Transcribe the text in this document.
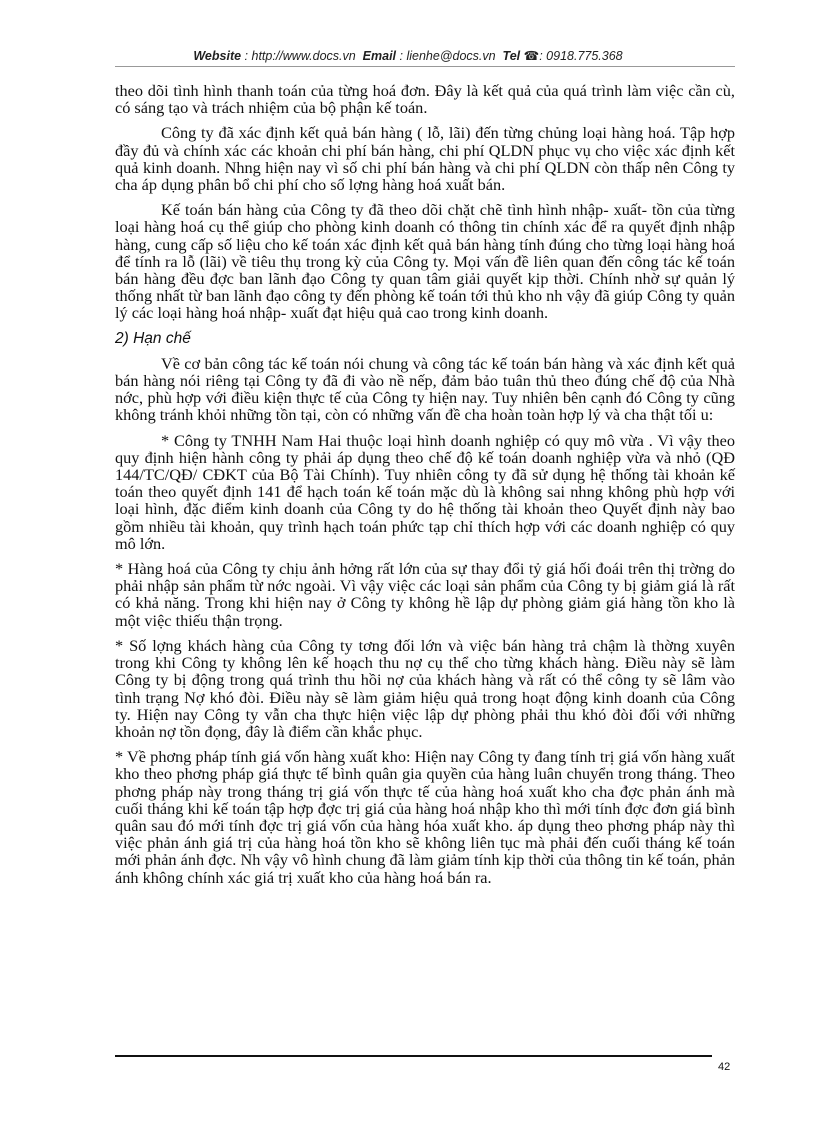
Website : http://www.docs.vn Email : lienhe@docs.vn Tel ☎: 0918.775.368

theo dõi tình hình thanh toán của từng hoá đơn. Đây là kết quả của quá trình làm việc cần cù, có sáng tạo và trách nhiệm của bộ phận kế toán.

Công ty đã xác định kết quả bán hàng ( lỗ, lãi) đến từng chủng loại hàng hoá. Tập hợp đầy đủ và chính xác các khoản chi phí bán hàng, chi phí QLDN phục vụ cho việc xác định kết quả kinh doanh. Nhng hiện nay vì số chi phí bán hàng và chi phí QLDN còn thấp nên Công ty cha áp dụng phân bổ chi phí cho số lợng hàng hoá xuất bán.

Kế toán bán hàng của Công ty đã theo dõi chặt chẽ tình hình nhập- xuất- tồn của từng loại hàng hoá cụ thể giúp cho phòng kinh doanh có thông tin chính xác để ra quyết định nhập hàng, cung cấp số liệu cho kế toán xác định kết quả bán hàng tính đúng cho từng loại hàng hoá để tính ra lỗ (lãi) về tiêu thụ trong kỳ của Công ty. Mọi vấn đề liên quan đến công tác kế toán bán hàng đều đợc ban lãnh đạo Công ty quan tâm giải quyết kịp thời. Chính nhờ sự quản lý thống nhất từ ban lãnh đạo công ty đến phòng kế toán tới thủ kho nh vậy đã giúp Công ty quản lý các loại hàng hoá nhập- xuất đạt hiệu quả cao trong kinh doanh.

2) Hạn chế

Về cơ bản công tác kế toán nói chung và công tác kế toán bán hàng và xác định kết quả bán hàng nói riêng tại Công ty đã đi vào nề nếp, đảm bảo tuân thủ theo đúng chế độ của Nhà nớc, phù hợp với điều kiện thực tế của Công ty hiện nay. Tuy nhiên bên cạnh đó Công ty cũng không tránh khỏi những tồn tại, còn có những vấn đề cha hoàn toàn hợp lý và cha thật tối u:

* Công ty TNHH Nam Hai thuộc loại hình doanh nghiệp có quy mô vừa . Vì vậy theo quy định hiện hành công ty phải áp dụng theo chế độ kế toán doanh nghiệp vừa và nhỏ (QĐ 144/TC/QĐ/ CĐKT của Bộ Tài Chính). Tuy nhiên công ty đã sử dụng hệ thống tài khoản kế toán theo quyết định 141 để hạch toán kế toán mặc dù là không sai nhng không phù hợp với loại hình, đặc điểm kinh doanh của Công ty do hệ thống tài khoản theo Quyết định này bao gồm nhiều tài khoản, quy trình hạch toán phức tạp chỉ thích hợp với các doanh nghiệp có quy mô lớn.

* Hàng hoá của Công ty chịu ảnh hởng rất lớn của sự thay đổi tỷ giá hối đoái trên thị trờng do phải nhập sản phẩm từ nớc ngoài. Vì vậy việc các loại sản phẩm của Công ty bị giảm giá là rất có khả năng. Trong khi hiện nay ở Công ty không hề lập dự phòng giảm giá hàng tồn kho là một việc thiếu thận trọng.

* Số lợng khách hàng của Công ty tơng đối lớn và việc bán hàng trả chậm là thờng xuyên trong khi Công ty không lên kế hoạch thu nợ cụ thể cho từng khách hàng. Điều này sẽ làm Công ty bị động trong quá trình thu hồi nợ của khách hàng và rất có thể công ty sẽ lâm vào tình trạng Nợ khó đòi. Điều này sẽ làm giảm hiệu quả trong hoạt động kinh doanh của Công ty. Hiện nay Công ty vẫn cha thực hiện việc lập dự phòng phải thu khó đòi đối với những khoản nợ tồn đọng, đây là điểm cần khắc phục.

* Về phơng pháp tính giá vốn hàng xuất kho: Hiện nay Công ty đang tính trị giá vốn hàng xuất kho theo phơng pháp giá thực tế bình quân gia quyền của hàng luân chuyển trong tháng. Theo phơng pháp này trong tháng trị giá vốn thực tế của hàng hoá xuất kho cha đợc phản ánh mà cuối tháng khi kế toán tập hợp đợc trị giá của hàng hoá nhập kho thì mới tính đợc đơn giá bình quân sau đó mới tính đợc trị giá vốn của hàng hóa xuất kho. áp dụng theo phơng pháp này thì việc phản ánh giá trị của hàng hoá tồn kho sẽ không liên tục mà phải đến cuối tháng kế toán mới phản ánh đợc. Nh vậy vô hình chung đã làm giảm tính kịp thời của thông tin kế toán, phản ánh không chính xác giá trị xuất kho của hàng hoá bán ra.

42
